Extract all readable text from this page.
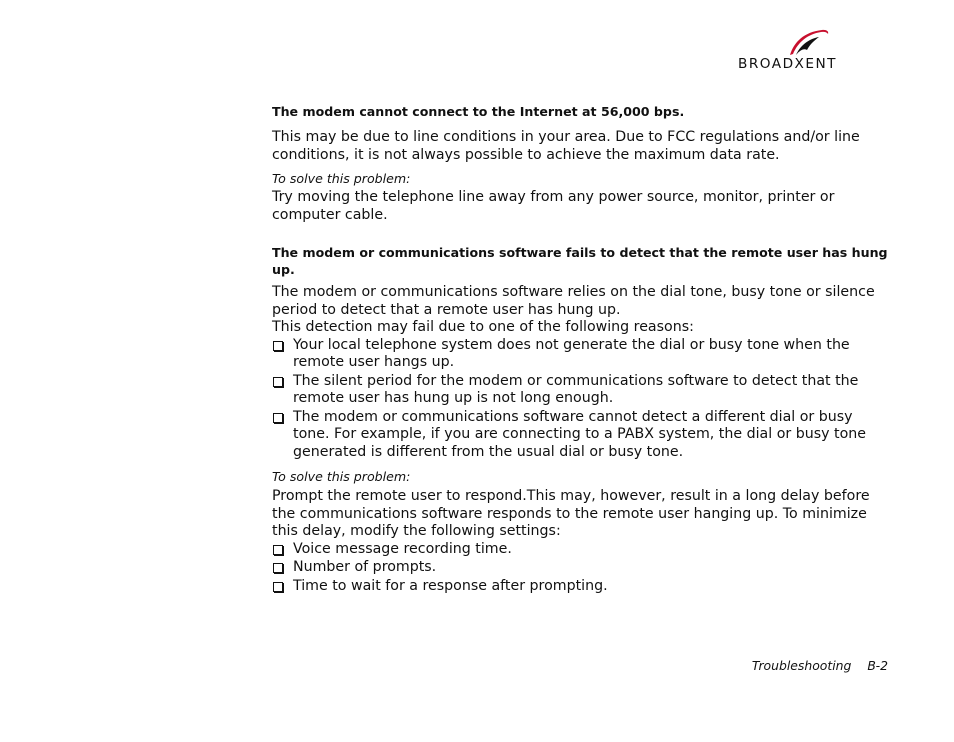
BROADXENT

The modem cannot connect to the Internet at 56,000 bps.

This may be due to line conditions in your area. Due to FCC regulations and/or line conditions, it is not always possible to achieve the maximum data rate.

To solve this problem:

Try moving the telephone line away from any power source, monitor, printer or computer cable.

The modem or communications software fails to detect that the remote user has hung up.

The modem or communications software relies on the dial tone, busy tone or silence period to detect that a remote user has hung up.

This detection may fail due to one of the following reasons:

Your local telephone system does not generate the dial or busy tone when the remote user hangs up.
The silent period for the modem or communications software to detect that the remote user has hung up is not long enough.
The modem or communications software cannot detect a different dial or busy tone. For example, if you are connecting to a PABX system, the dial or busy tone generated is different from the usual dial or busy tone.

To solve this problem:

Prompt the remote user to respond.This may, however, result in a long delay before the communications software responds to the remote user hanging up. To minimize this delay, modify the following settings:

Voice message recording time.
Number of prompts.
Time to wait for a response after prompting.
Troubleshooting B-2
